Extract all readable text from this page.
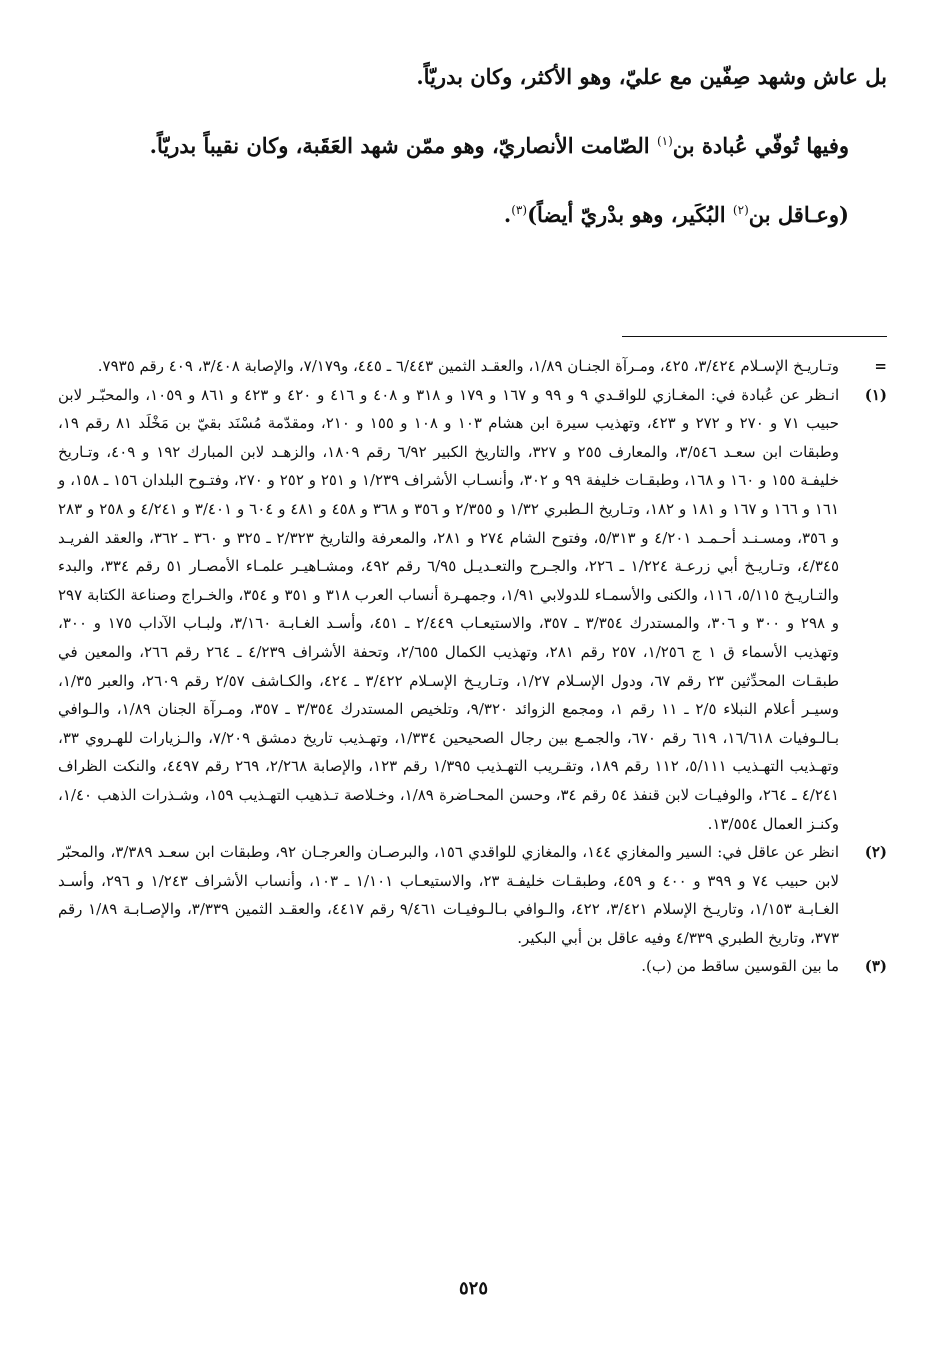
بل عاش وشهد صِفّين مع عليّ، وهو الأكثر، وكان بدريّاً.

وفيها تُوفّي عُبادة بن$^{(١)}$ الصّامت الأنصاريّ، وهو ممّن شهد العَقَبة، وكان نقيباً بدريّاً.

(وعـاقل بن$^{(٢)}$ البُكَير، وهو بدْريّ أيضاً)$^{(٣)}$.

=
وتـاريـخ الإسـلام ٣/٤٢٤، ٤٢٥، ومـرآة الجنـان ١/٨٩، والعقـد الثمين ٦/٤٤٣ ـ ٤٤٥، و٧/١٧٩، والإصابة ٣/٤٠٨، ٤٠٩ رقم ٧٩٣٥.
(١)
انـظر عن عُبادة في: المغـازي للواقـدي ٩ و ٩٩ و ١٦٧ و ١٧٩ و ٣١٨ و ٤٠٨ و ٤١٦ و ٤٢٠ و ٤٢٣ و ٨٦١ و ١٠٥٩، والمحبّـر لابن حبيب ٧١ و ٢٧٠ و ٢٧٢ و ٤٢٣، وتهذيب سيرة ابن هشام ١٠٣ و ١٠٨ و ١٥٥ و ٢١٠، ومقدّمة مُسْنَد بقيّ بن مَخْلَد ٨١ رقم ١٩، وطبقات ابن سعـد ٣/٥٤٦، والمعارف ٢٥٥ و ٣٢٧، والتاريخ الكبير ٦/٩٢ رقم ١٨٠٩، والزهـد لابن المبارك ١٩٢ و ٤٠٩، وتـاريخ خليفـة ١٥٥ و ١٦٠ و ١٦٨، وطبقـات خليفة ٩٩ و ٣٠٢، وأنسـاب الأشراف ١/٢٣٩ و ٢٥١ و ٢٥٢ و ٢٧٠، وفتـوح البلدان ١٥٦ ـ ١٥٨، و ١٦١ و ١٦٦ و ١٦٧ و ١٨١ و ١٨٢، وتـاريخ الـطبري ١/٣٢ و ٢/٣٥٥ و ٣٥٦ و ٣٦٨ و ٤٥٨ و ٤٨١ و ٦٠٤ و ٣/٤٠١ و ٤/٢٤١ و ٢٥٨ و ٢٨٣ و ٣٥٦، ومسـنـد أحـمـد ٤/٢٠١ و ٥/٣١٣، وفتوح الشام ٢٧٤ و ٢٨١، والمعرفة والتاريخ ٢/٣٢٣ ـ ٣٢٥ و ٣٦٠ ـ ٣٦٢، والعقد الفريـد ٤/٣٤٥، وتـاريـخ أبي زرعـة ١/٢٢٤ ـ ٢٢٦، والجـرح والتعـديـل ٦/٩٥ رقم ٤٩٢، ومشـاهيـر علمـاء الأمصـار ٥١ رقم ٣٣٤، والبدء والتـاريـخ ٥/١١٥، ١١٦، والكنى والأسمـاء للدولابي ١/٩١، وجمهـرة أنساب العرب ٣١٨ و ٣٥١ و ٣٥٤، والخـراج وصناعة الكتابة ٢٩٧ و ٢٩٨ و ٣٠٠ و ٣٠٦، والمستدرك ٣/٣٥٤ ـ ٣٥٧، والاستيعـاب ٢/٤٤٩ ـ ٤٥١، وأسـد الغـابـة ٣/١٦٠، ولبـاب الآداب ١٧٥ و ٣٠٠، وتهذيب الأسماء ق ١ ج ١/٢٥٦، ٢٥٧ رقم ٢٨١، وتهذيب الكمال ٢/٦٥٥، وتحفة الأشراف ٤/٢٣٩ ـ ٢٦٤ رقم ٢٦٦، والمعين في طبقـات المحدِّثين ٢٣ رقم ٦٧، ودول الإسـلام ١/٢٧، وتـاريـخ الإسـلام ٣/٤٢٢ ـ ٤٢٤، والكـاشف ٢/٥٧ رقم ٢٦٠٩، والعبر ١/٣٥، وسيـر أعلام النبلاء ٢/٥ ـ ١١ رقم ١، ومجمع الزوائد ٩/٣٢٠، وتلخيص المستدرك ٣/٣٥٤ ـ ٣٥٧، ومـرآة الجنان ١/٨٩، والـوافي بـالـوفيات ١٦/٦١٨، ٦١٩ رقم ٦٧٠، والجمـع بين رجال الصحيحين ١/٣٣٤، وتهـذيب تاريخ دمشق ٧/٢٠٩، والـزيارات للهـروي ٣٣، وتهـذيب التهـذيب ٥/١١١، ١١٢ رقم ١٨٩، وتقـريب التهـذيب ١/٣٩٥ رقم ١٢٣، والإصابة ٢/٢٦٨، ٢٦٩ رقم ٤٤٩٧، والنكت الظراف ٤/٢٤١ ـ ٢٦٤، والوفيـات لابن قنفذ ٥٤ رقم ٣٤، وحسن المحـاضرة ١/٨٩، وخـلاصة تـذهيب التهـذيب ١٥٩، وشـذرات الذهب ١/٤٠، وكنـز العمال ١٣/٥٥٤.
(٢)
انظر عن عاقل في: السير والمغازي ١٤٤، والمغازي للواقدي ١٥٦، والبرصـان والعرجـان ٩٢، وطبقات ابن سعـد ٣/٣٨٩، والمحبّر لابن حبيب ٧٤ و ٣٩٩ و ٤٠٠ و ٤٥٩، وطبقـات خليفـة ٢٣، والاستيعـاب ١/١٠١ ـ ١٠٣، وأنساب الأشراف ١/٢٤٣ و ٢٩٦، وأسـد الغـابـة ١/١٥٣، وتاريـخ الإسلام ٣/٤٢١، ٤٢٢، والـوافي بـالـوفيـات ٩/٤٦١ رقم ٤٤١٧، والعقـد الثمين ٣/٣٣٩، والإصـابـة ١/٨٩ رقم ٣٧٣، وتاريخ الطبري ٤/٣٣٩ وفيه عاقل بن أبي البكير.
(٣)
ما بين القوسين ساقط من (ب).
٥٢٥
